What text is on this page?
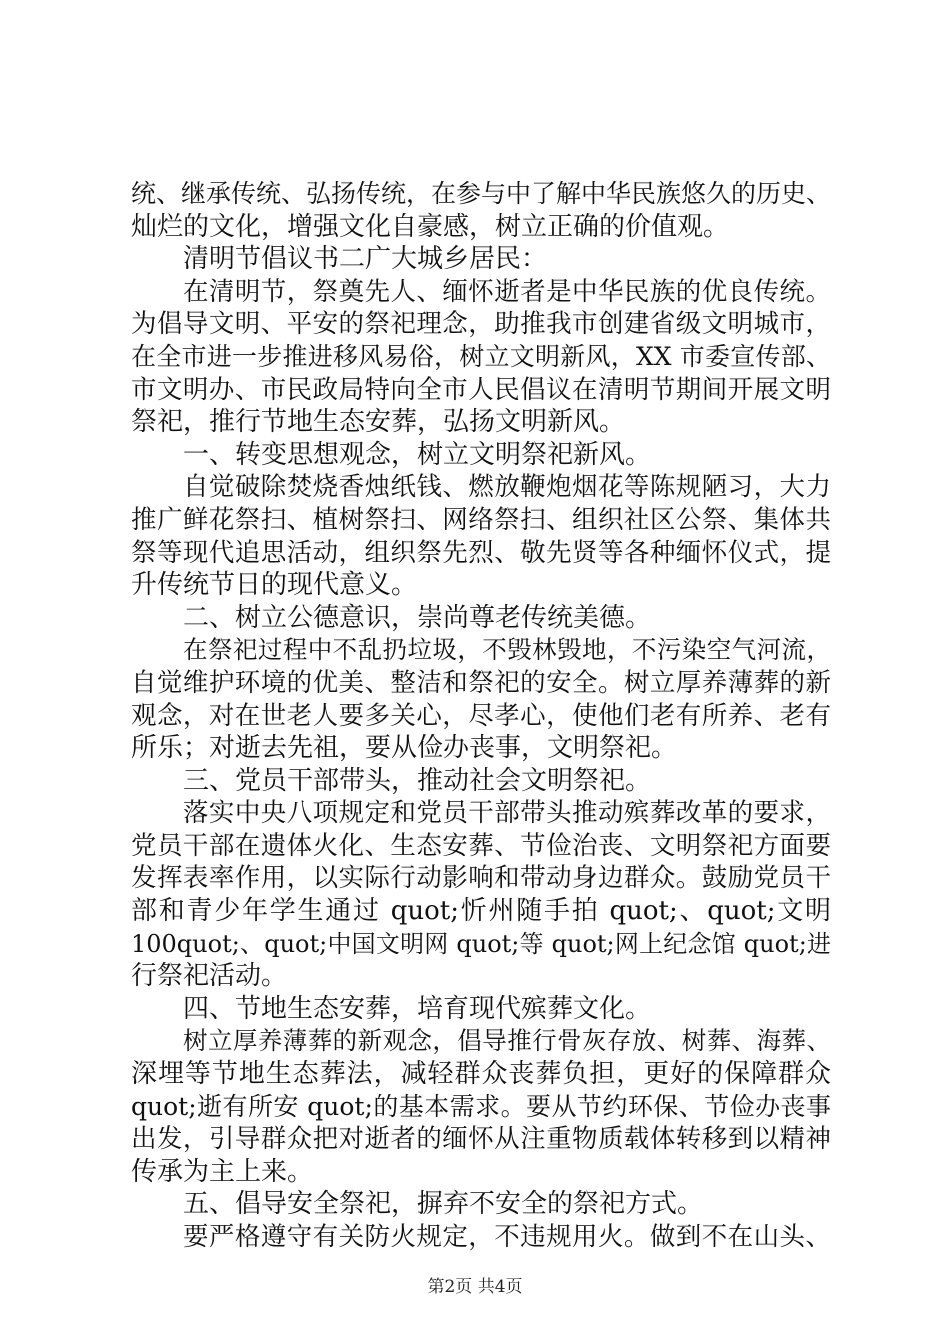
统、继承传统、弘扬传统，在参与中了解中华民族悠久的历史、
灿烂的文化，增强文化自豪感，树立正确的价值观。
清明节倡议书二广大城乡居民：
在清明节，祭奠先人、缅怀逝者是中华民族的优良传统。
为倡导文明、平安的祭祀理念，助推我市创建省级文明城市，
在全市进一步推进移风易俗，树立文明新风，XX 市委宣传部、
市文明办、市民政局特向全市人民倡议在清明节期间开展文明
祭祀，推行节地生态安葬，弘扬文明新风。
一、转变思想观念，树立文明祭祀新风。
自觉破除焚烧香烛纸钱、燃放鞭炮烟花等陈规陋习，大力
推广鲜花祭扫、植树祭扫、网络祭扫、组织社区公祭、集体共
祭等现代追思活动，组织祭先烈、敬先贤等各种缅怀仪式，提
升传统节日的现代意义。
二、树立公德意识，崇尚尊老传统美德。
在祭祀过程中不乱扔垃圾，不毁林毁地，不污染空气河流，
自觉维护环境的优美、整洁和祭祀的安全。树立厚养薄葬的新
观念，对在世老人要多关心，尽孝心，使他们老有所养、老有
所乐；对逝去先祖，要从俭办丧事，文明祭祀。
三、党员干部带头，推动社会文明祭祀。
落实中央八项规定和党员干部带头推动殡葬改革的要求，
党员干部在遗体火化、生态安葬、节俭治丧、文明祭祀方面要
发挥表率作用，以实际行动影响和带动身边群众。鼓励党员干
部和青少年学生通过 quot;忻州随手拍 quot;、quot;文明
100quot;、quot;中国文明网 quot;等 quot;网上纪念馆 quot;进
行祭祀活动。
四、节地生态安葬，培育现代殡葬文化。
树立厚养薄葬的新观念，倡导推行骨灰存放、树葬、海葬、
深埋等节地生态葬法，减轻群众丧葬负担，更好的保障群众
quot;逝有所安 quot;的基本需求。要从节约环保、节俭办丧事
出发，引导群众把对逝者的缅怀从注重物质载体转移到以精神
传承为主上来。
五、倡导安全祭祀，摒弃不安全的祭祀方式。
要严格遵守有关防火规定，不违规用火。做到不在山头、
第2页 共4页
